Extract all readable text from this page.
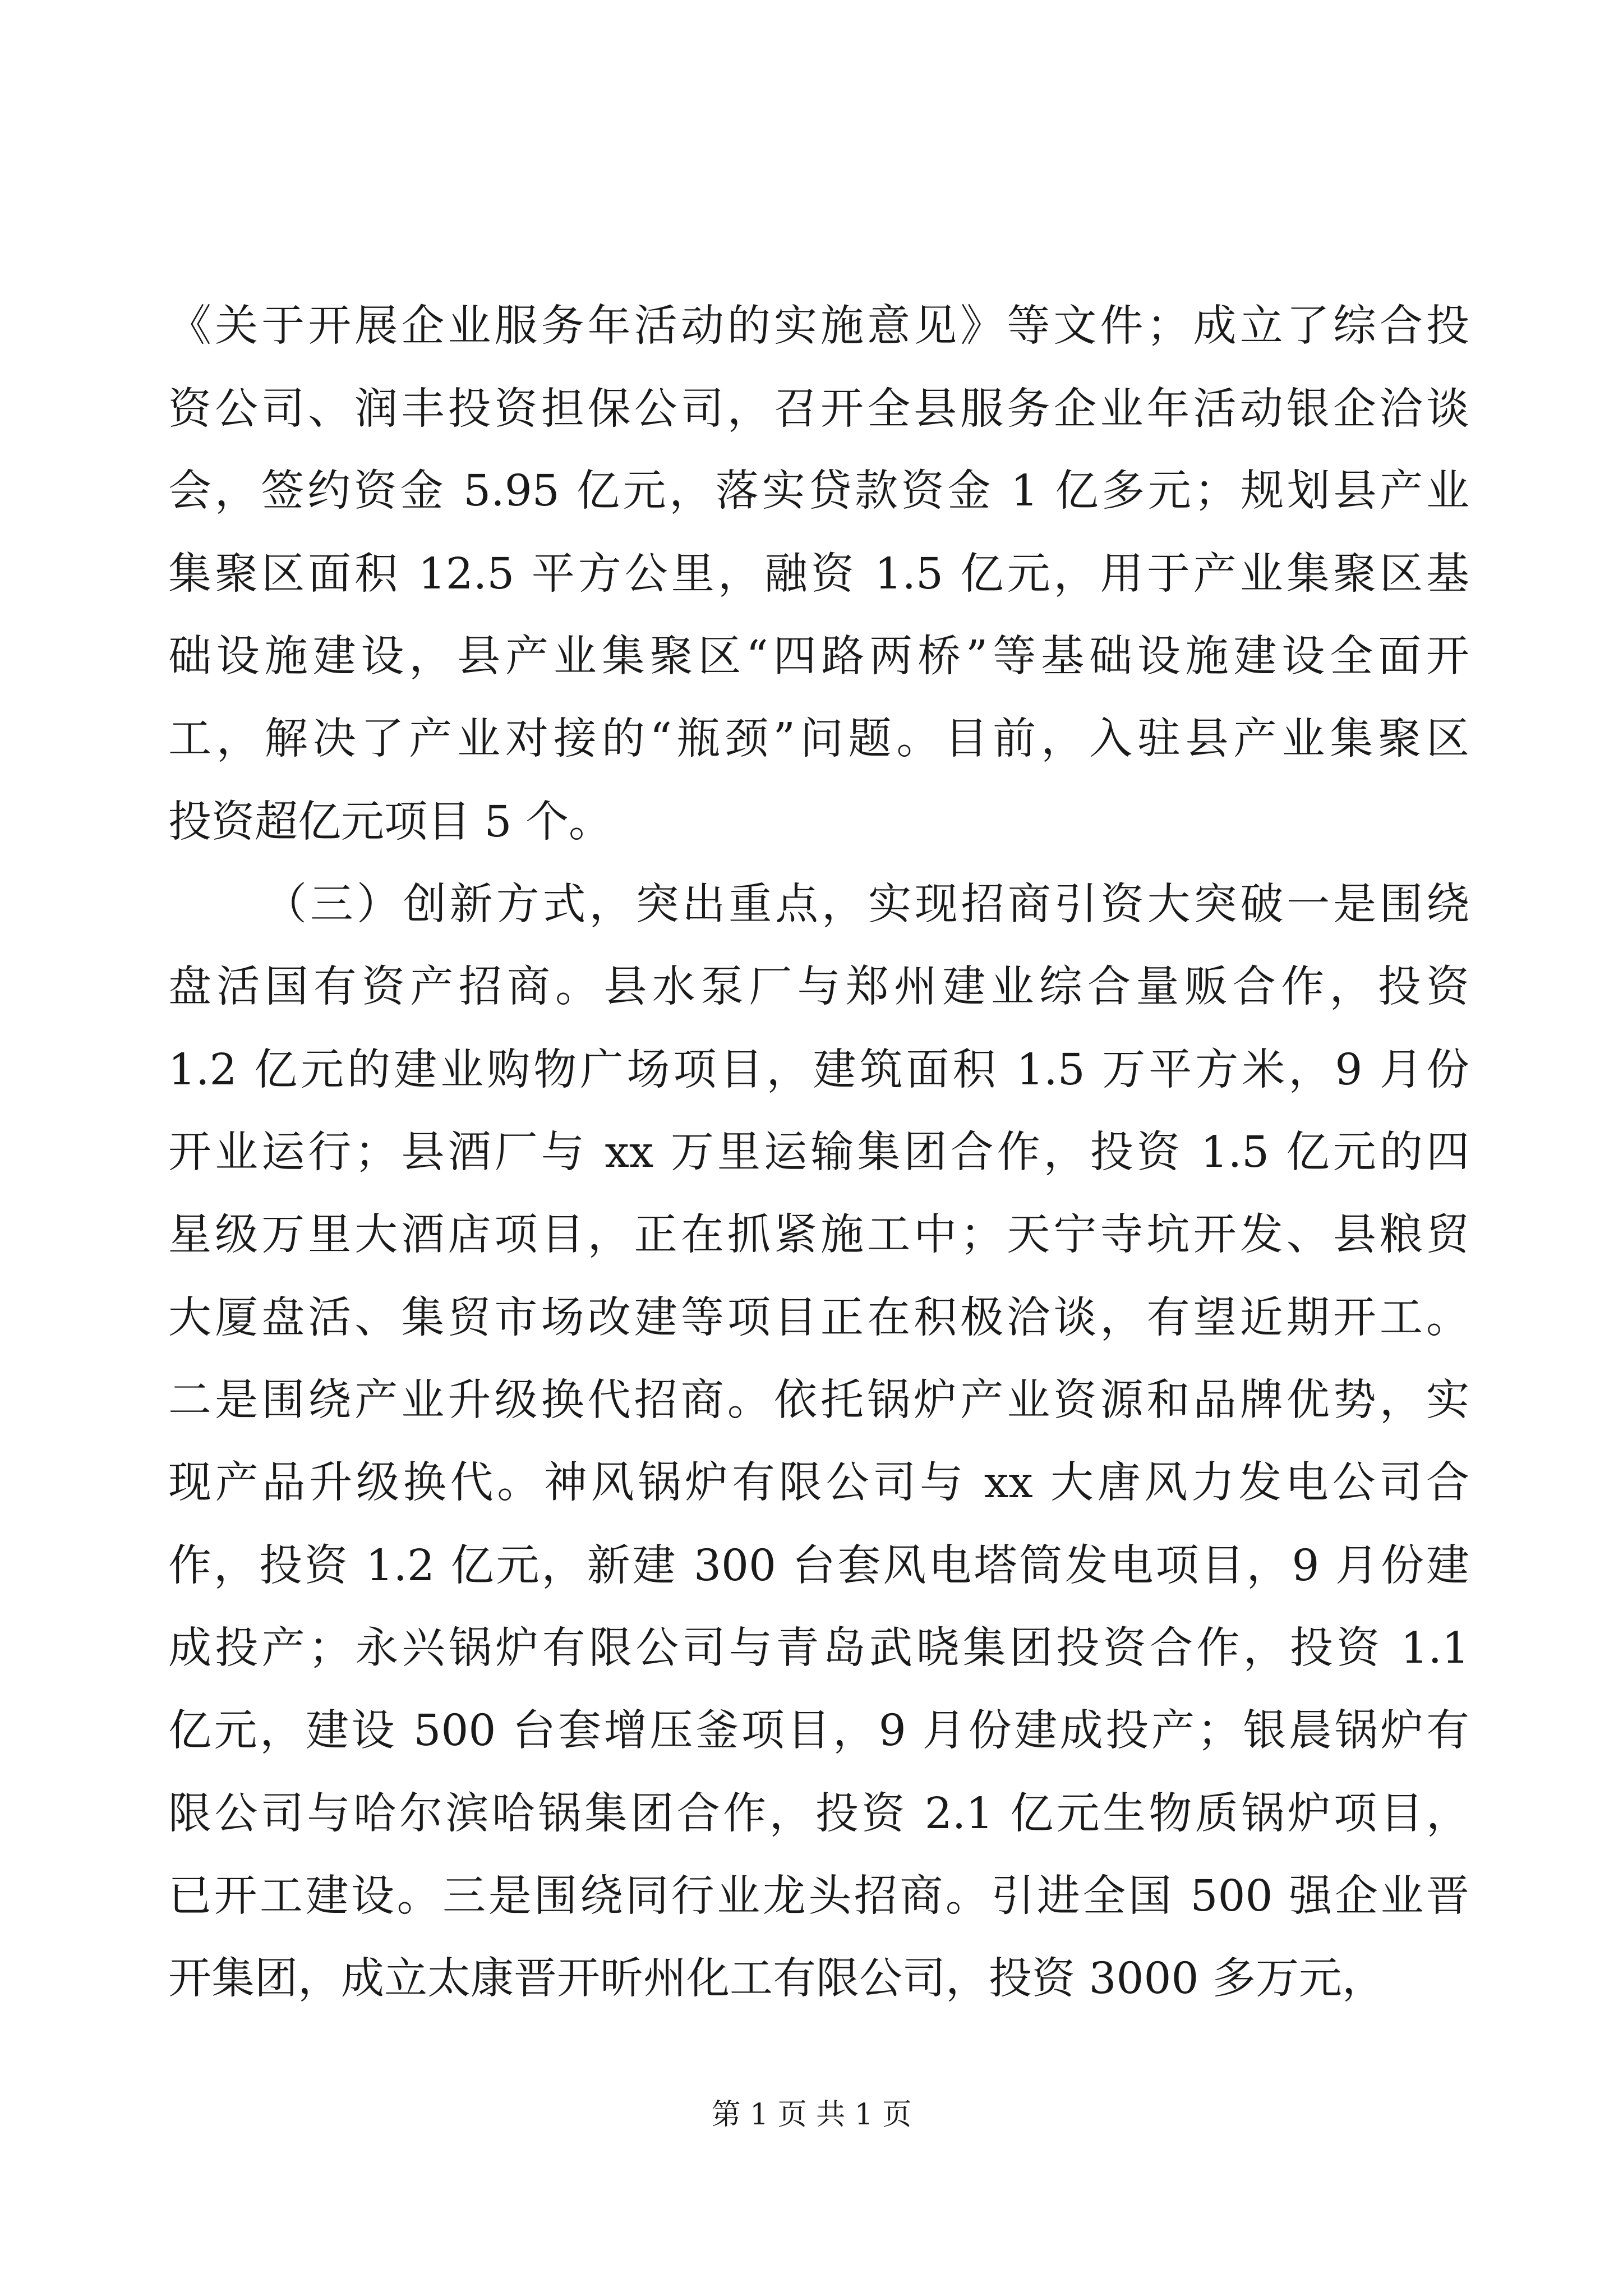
《关于开展企业服务年活动的实施意见》等文件；成立了综合投
资公司、润丰投资担保公司，召开全县服务企业年活动银企洽谈
会，签约资金 5.95 亿元，落实贷款资金 1 亿多元；规划县产业
集聚区面积 12.5 平方公里，融资 1.5 亿元，用于产业集聚区基
础设施建设，县产业集聚区“四路两桥”等基础设施建设全面开
工，解决了产业对接的“瓶颈”问题。目前，入驻县产业集聚区
投资超亿元项目 5 个。
（三）创新方式，突出重点，实现招商引资大突破一是围绕
盘活国有资产招商。县水泵厂与郑州建业综合量贩合作，投资
1.2 亿元的建业购物广场项目，建筑面积 1.5 万平方米，9 月份
开业运行；县酒厂与 xx 万里运输集团合作，投资 1.5 亿元的四
星级万里大酒店项目，正在抓紧施工中；天宁寺坑开发、县粮贸
大厦盘活、集贸市场改建等项目正在积极洽谈，有望近期开工。
二是围绕产业升级换代招商。依托锅炉产业资源和品牌优势，实
现产品升级换代。神风锅炉有限公司与 xx 大唐风力发电公司合
作，投资 1.2 亿元，新建 300 台套风电塔筒发电项目，9 月份建
成投产；永兴锅炉有限公司与青岛武晓集团投资合作，投资 1.1
亿元，建设 500 台套增压釜项目，9 月份建成投产；银晨锅炉有
限公司与哈尔滨哈锅集团合作，投资 2.1 亿元生物质锅炉项目，
已开工建设。三是围绕同行业龙头招商。引进全国 500 强企业晋
开集团，成立太康晋开昕州化工有限公司，投资 3000 多万元，
第 1 页 共 1 页
